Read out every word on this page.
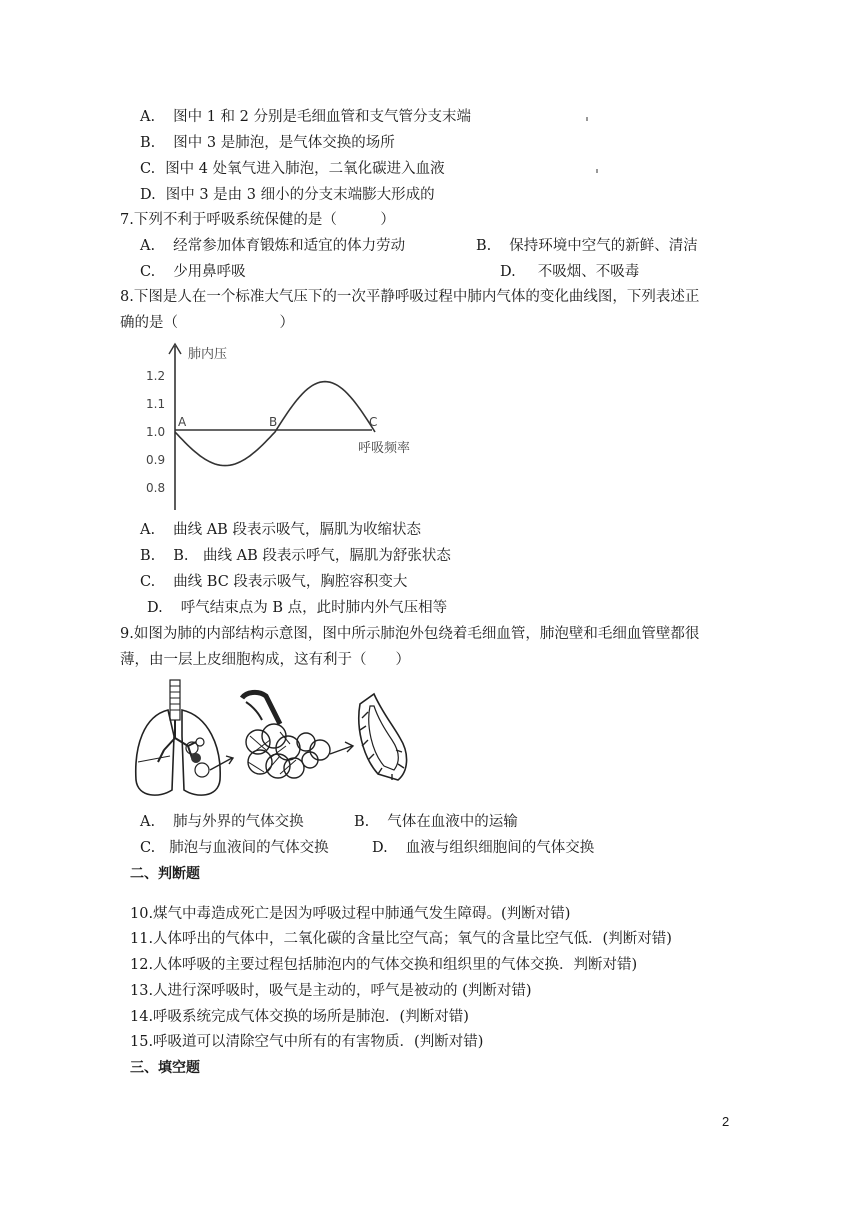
A. 图中 1 和 2 分别是毛细血管和支气管分支末端
B. 图中 3 是肺泡，是气体交换的场所
C. 图中 4 处氧气进入肺泡，二氧化碳进入血液
D. 图中 3 是由 3 细小的分支末端膨大形成的
7.下列不利于呼吸系统保健的是（　　　）
A. 经常参加体育锻炼和适宜的体力劳动	B. 保持环境中空气的新鲜、清洁
C. 少用鼻呼吸	D. 不吸烟、不吸毒
8.下图是人在一个标准大气压下的一次平静呼吸过程中肺内气体的变化曲线图，下列表述正
确的是（　　　　　　　）
肺内压
呼吸频率
1.2
1.1
1.0
0.9
0.8
A	B	C
A. 曲线 AB 段表示吸气，膈肌为收缩状态
B. B.　曲线 AB 段表示呼气，膈肌为舒张状态
C. 曲线 BC 段表示吸气，胸腔容积变大
D. 呼气结束点为 B 点，此时肺内外气压相等
9.如图为肺的内部结构示意图，图中所示肺泡外包绕着毛细血管，肺泡壁和毛细血管壁都很
薄，由一层上皮细胞构成，这有利于（　　）
A. 肺与外界的气体交换	B. 气体在血液中的运输
C. 肺泡与血液间的气体交换	D. 血液与组织细胞间的气体交换
二、判断题
10.煤气中毒造成死亡是因为呼吸过程中肺通气发生障碍。(判断对错)
11.人体呼出的气体中，二氧化碳的含量比空气高；氧气的含量比空气低．(判断对错)
12.人体呼吸的主要过程包括肺泡内的气体交换和组织里的气体交换．判断对错)
13.人进行深呼吸时，吸气是主动的，呼气是被动的 (判断对错)
14.呼吸系统完成气体交换的场所是肺泡．(判断对错)
15.呼吸道可以清除空气中所有的有害物质．(判断对错)
三、填空题
2
